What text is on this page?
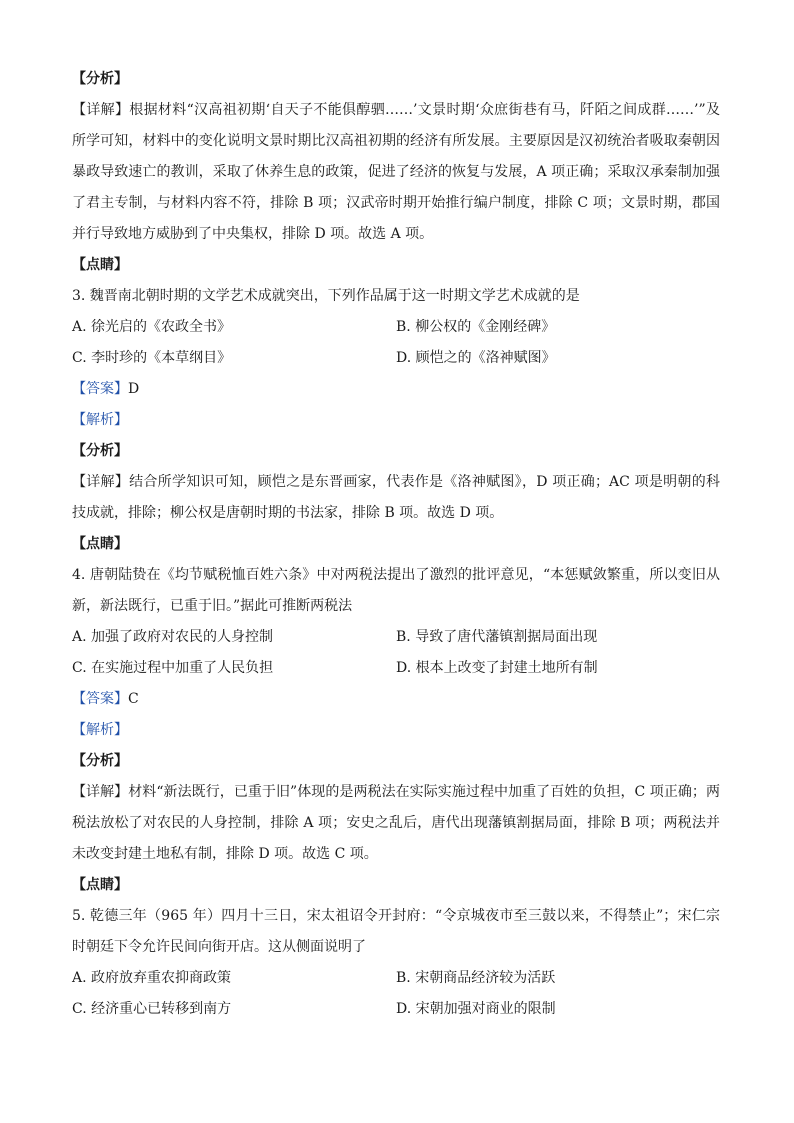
【分析】
【详解】根据材料“汉高祖初期‘自天子不能俱醇驷……’文景时期‘众庶街巷有马，阡陌之间成群……’”及所学可知，材料中的变化说明文景时期比汉高祖初期的经济有所发展。主要原因是汉初统治者吸取秦朝因暴政导致速亡的教训，采取了休养生息的政策，促进了经济的恢复与发展，A 项正确；采取汉承秦制加强了君主专制，与材料内容不符，排除 B 项；汉武帝时期开始推行编户制度，排除 C 项；文景时期，郡国并行导致地方威胁到了中央集权，排除 D 项。故选 A 项。
【点睛】
3. 魏晋南北朝时期的文学艺术成就突出，下列作品属于这一时期文学艺术成就的是
A. 徐光启的《农政全书》	B. 柳公权的《金刚经碑》
C. 李时珍的《本草纲目》	D. 顾恺之的《洛神赋图》
【答案】D
【解析】
【分析】
【详解】结合所学知识可知，顾恺之是东晋画家，代表作是《洛神赋图》，D 项正确；AC 项是明朝的科技成就，排除；柳公权是唐朝时期的书法家，排除 B 项。故选 D 项。
【点睛】
4. 唐朝陆贽在《均节赋税恤百姓六条》中对两税法提出了激烈的批评意见，“本惩赋敛繁重，所以变旧从新，新法既行，已重于旧。”据此可推断两税法
A. 加强了政府对农民的人身控制	B. 导致了唐代藩镇割据局面出现
C. 在实施过程中加重了人民负担	D. 根本上改变了封建土地所有制
【答案】C
【解析】
【分析】
【详解】材料“新法既行，已重于旧”体现的是两税法在实际实施过程中加重了百姓的负担，C 项正确；两税法放松了对农民的人身控制，排除 A 项；安史之乱后，唐代出现藩镇割据局面，排除 B 项；两税法并未改变封建土地私有制，排除 D 项。故选 C 项。
【点睛】
5. 乾德三年（965 年）四月十三日，宋太祖诏令开封府：“令京城夜市至三鼓以来，不得禁止”；宋仁宗时朝廷下令允许民间向街开店。这从侧面说明了
A. 政府放弃重农抑商政策	B. 宋朝商品经济较为活跃
C. 经济重心已转移到南方	D. 宋朝加强对商业的限制
